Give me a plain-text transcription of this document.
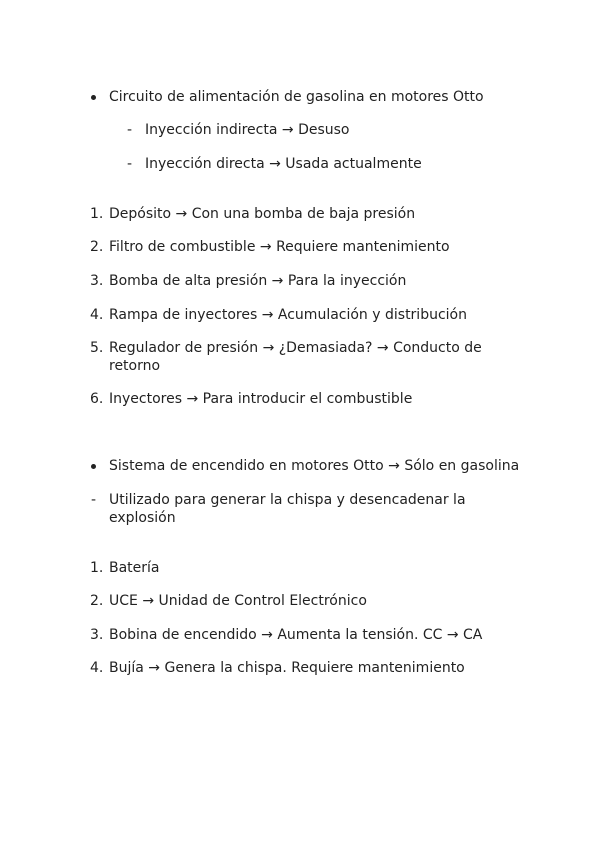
Circuito de alimentación de gasolina en motores Otto
- Inyección indirecta → Desuso
- Inyección directa → Usada actualmente
1. Depósito → Con una bomba de baja presión
2. Filtro de combustible → Requiere mantenimiento
3. Bomba de alta presión → Para la inyección
4. Rampa de inyectores → Acumulación y distribución
5. Regulador de presión → ¿Demasiada? → Conducto de retorno
6. Inyectores → Para introducir el combustible
Sistema de encendido en motores Otto → Sólo en gasolina
- Utilizado para generar la chispa y desencadenar la explosión
1. Batería
2. UCE → Unidad de Control Electrónico
3. Bobina de encendido → Aumenta la tensión. CC → CA
4. Bujía → Genera la chispa. Requiere mantenimiento
